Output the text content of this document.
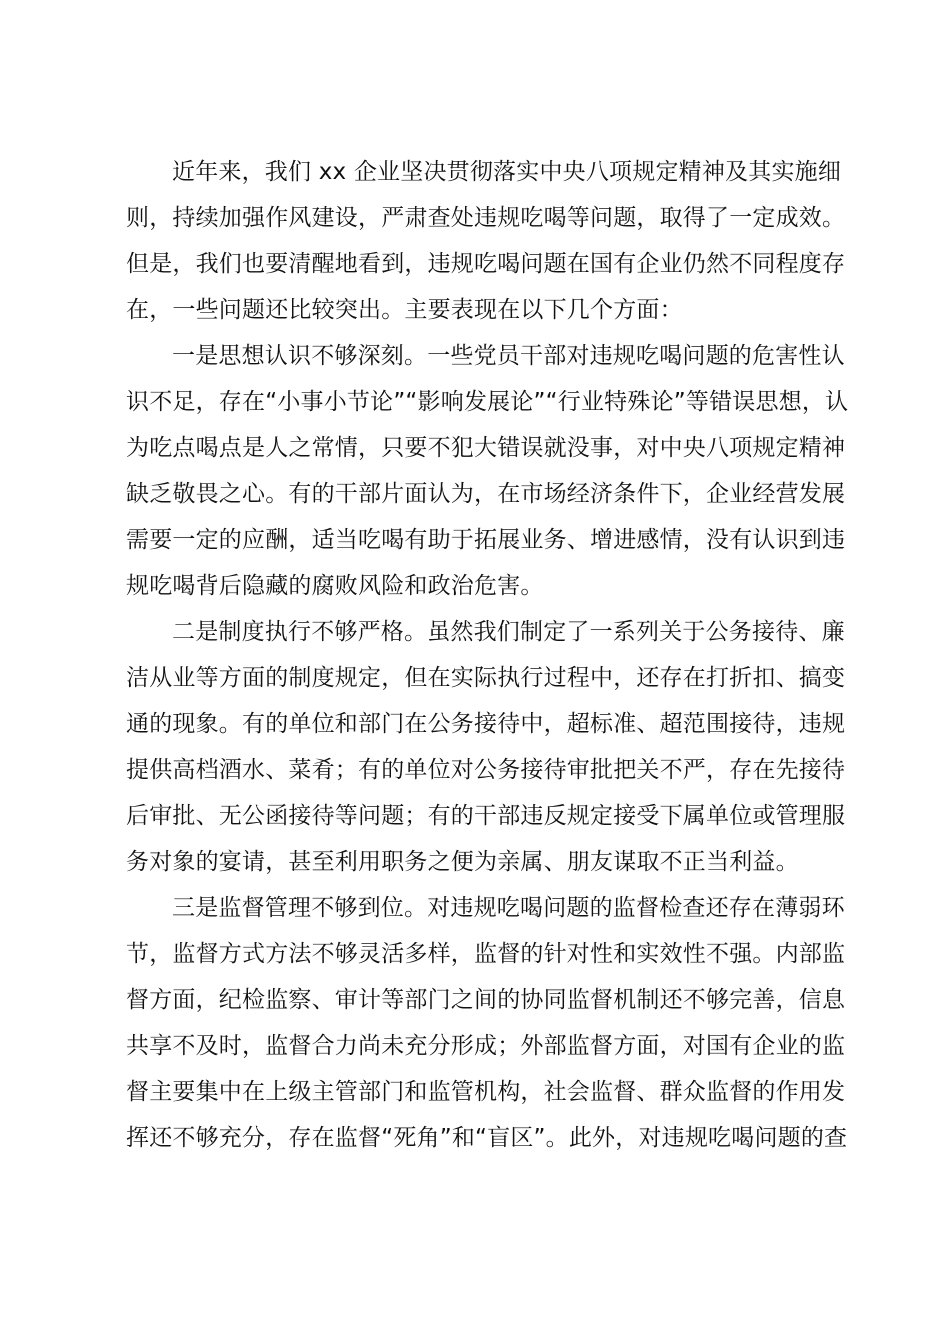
近年来，我们 xx 企业坚决贯彻落实中央八项规定精神及其实施细
则，持续加强作风建设，严肃查处违规吃喝等问题，取得了一定成效。
但是，我们也要清醒地看到，违规吃喝问题在国有企业仍然不同程度存
在，一些问题还比较突出。主要表现在以下几个方面：
一是思想认识不够深刻。一些党员干部对违规吃喝问题的危害性认
识不足，存在“小事小节论”“影响发展论”“行业特殊论”等错误思想，认
为吃点喝点是人之常情，只要不犯大错误就没事，对中央八项规定精神
缺乏敬畏之心。有的干部片面认为，在市场经济条件下，企业经营发展
需要一定的应酬，适当吃喝有助于拓展业务、增进感情，没有认识到违
规吃喝背后隐藏的腐败风险和政治危害。
二是制度执行不够严格。虽然我们制定了一系列关于公务接待、廉
洁从业等方面的制度规定，但在实际执行过程中，还存在打折扣、搞变
通的现象。有的单位和部门在公务接待中，超标准、超范围接待，违规
提供高档酒水、菜肴；有的单位对公务接待审批把关不严，存在先接待
后审批、无公函接待等问题；有的干部违反规定接受下属单位或管理服
务对象的宴请，甚至利用职务之便为亲属、朋友谋取不正当利益。
三是监督管理不够到位。对违规吃喝问题的监督检查还存在薄弱环
节，监督方式方法不够灵活多样，监督的针对性和实效性不强。内部监
督方面，纪检监察、审计等部门之间的协同监督机制还不够完善，信息
共享不及时，监督合力尚未充分形成；外部监督方面，对国有企业的监
督主要集中在上级主管部门和监管机构，社会监督、群众监督的作用发
挥还不够充分，存在监督“死角”和“盲区”。此外，对违规吃喝问题的查
